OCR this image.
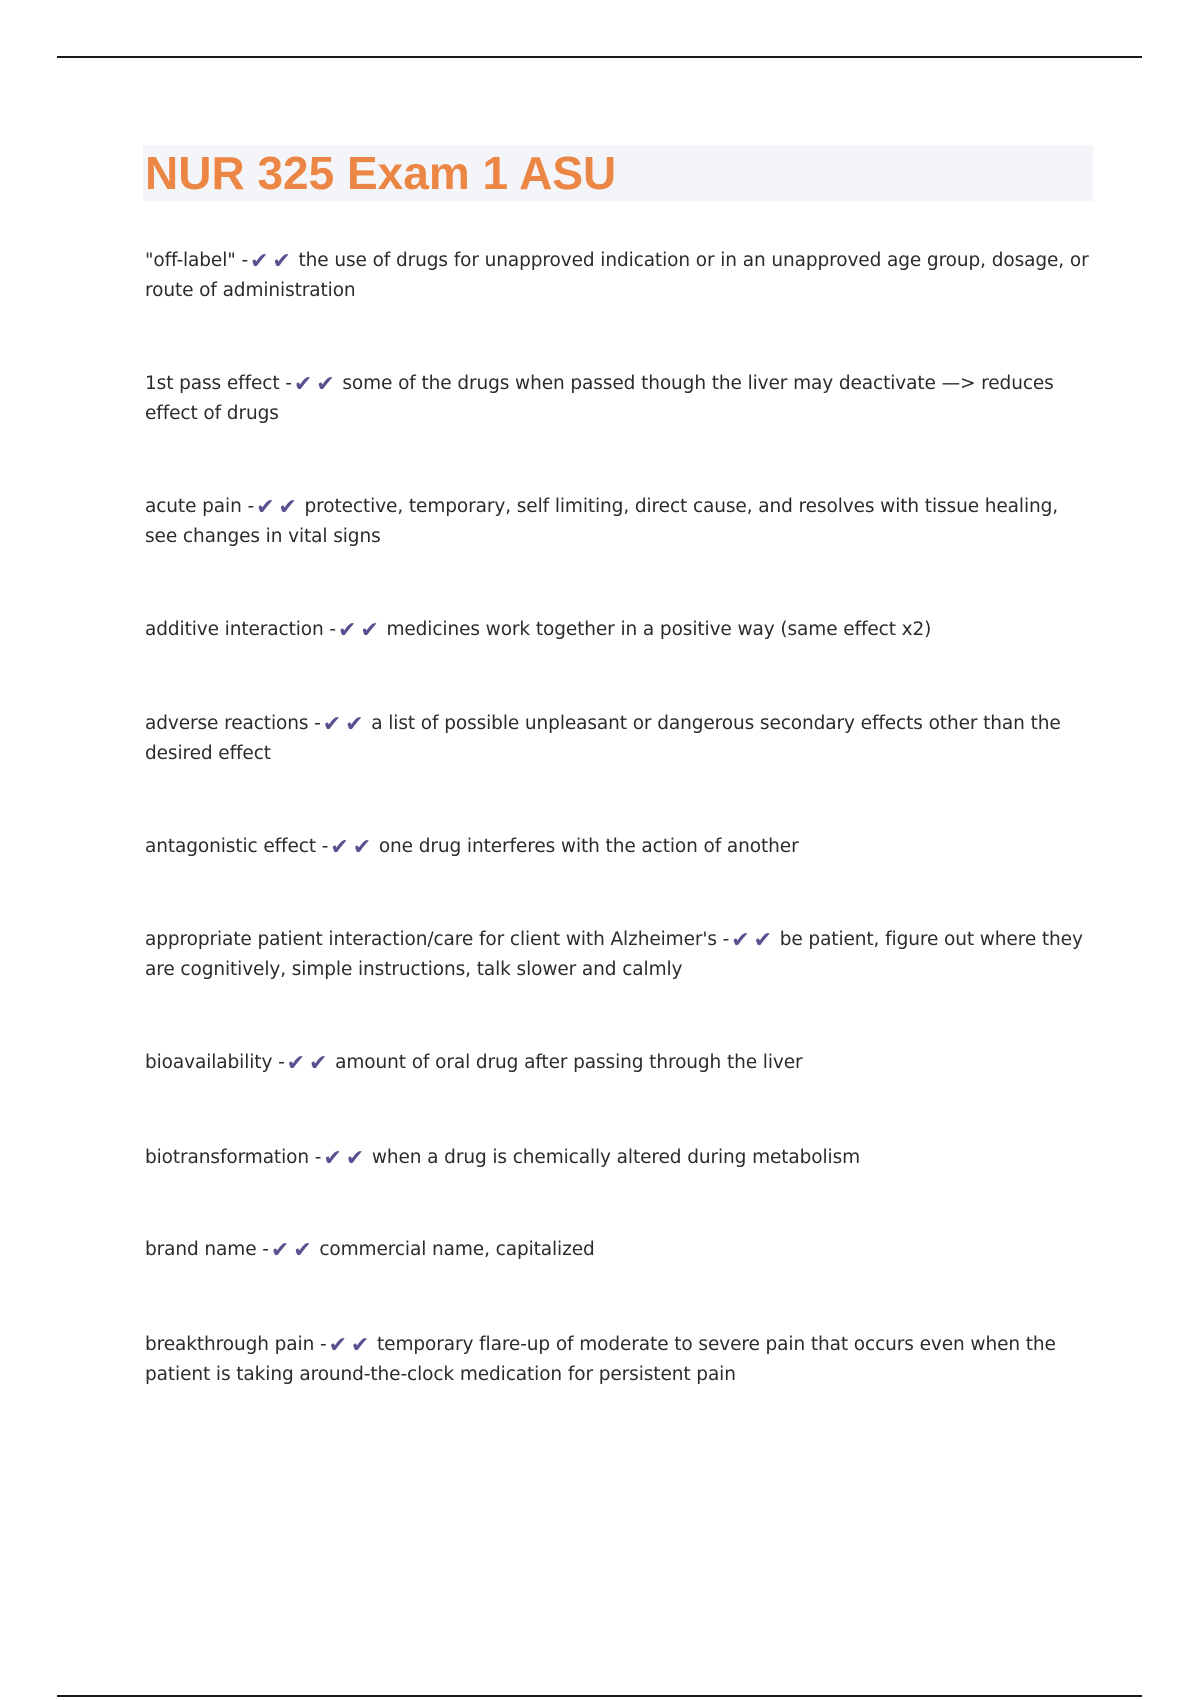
NUR 325 Exam 1 ASU
"off-label" -✔ ✔ the use of drugs for unapproved indication or in an unapproved age group, dosage, or route of administration
1st pass effect -✔ ✔ some of the drugs when passed though the liver may deactivate —> reduces effect of drugs
acute pain -✔ ✔ protective, temporary, self limiting, direct cause, and resolves with tissue healing, see changes in vital signs
additive interaction -✔ ✔ medicines work together in a positive way (same effect x2)
adverse reactions -✔ ✔ a list of possible unpleasant or dangerous secondary effects other than the desired effect
antagonistic effect -✔ ✔ one drug interferes with the action of another
appropriate patient interaction/care for client with Alzheimer's -✔ ✔ be patient, figure out where they are cognitively, simple instructions, talk slower and calmly
bioavailability -✔ ✔ amount of oral drug after passing through the liver
biotransformation -✔ ✔ when a drug is chemically altered during metabolism
brand name -✔ ✔ commercial name, capitalized
breakthrough pain -✔ ✔ temporary flare-up of moderate to severe pain that occurs even when the patient is taking around-the-clock medication for persistent pain
